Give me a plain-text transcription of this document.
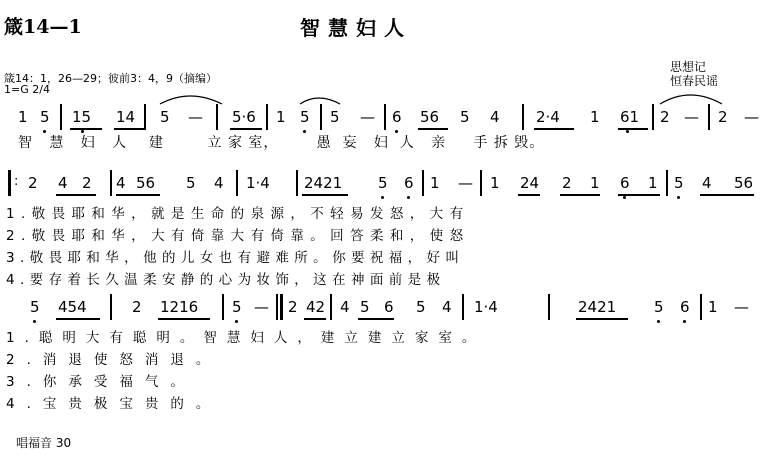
箴14—1	智慧妇人
思想记
箴14：1，26—29；彼前3：4，9（摘编）	恒春民谣
1=G 2/4
1 5 15 14 5 — 5·6 1 5 5 — 6 56 5 4 2·4 1 61 2 — 2 —
智 慧 妇 人 建	立 家 室，	愚 妄 妇 人 亲 手 拆 毁。
: 2 4 2 4 56 5 4 1·4 2421 5 6 1 — 1 24 2 1 6 1 5 4 56
1.敬畏耶和华，就是生命的泉源，不轻易发怒，大有
2.敬畏耶和华，大有倚靠大有倚靠。回答柔和，使怒
3.敬畏耶和华，他的儿女也有避难所。你要祝福，好叫
4.要存着长久温柔安静的心为妆饰，这在神面前是极
5 454	2 1216 5 — 2 42 4 5 6 5 4 1·4	2421	5 6 1 —
1.聪明大有聪明。智慧妇人，建立建立家室。
2.消退使怒消退。
3.你承受福气。
4.宝贵极宝贵的。
唱福音 30
